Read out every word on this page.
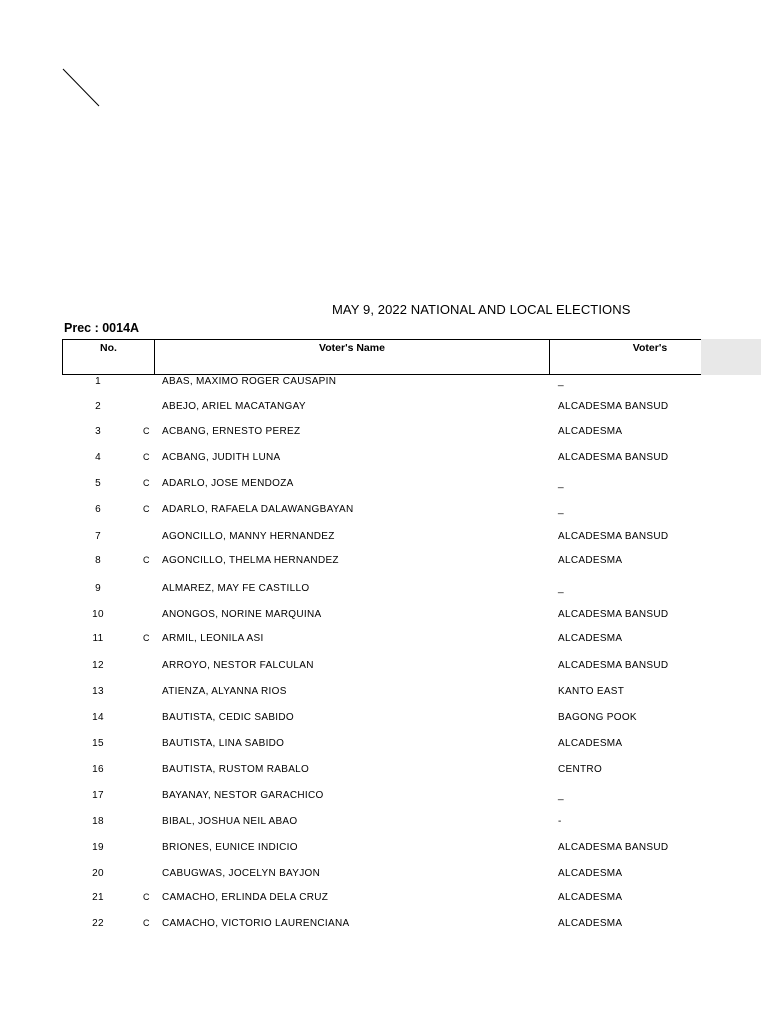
MAY 9, 2022 NATIONAL AND LOCAL ELECTIONS
Prec : 0014A
No.	Voter's Name	Voter's
1	ABAS, MAXIMO ROGER CAUSAPIN	_
2	ABEJO, ARIEL MACATANGAY	ALCADESMA BANSUD
3	C ACBANG, ERNESTO PEREZ	ALCADESMA
4	C ACBANG, JUDITH LUNA	ALCADESMA BANSUD
5	C ADARLO, JOSE MENDOZA	_
6	C ADARLO, RAFAELA DALAWANGBAYAN	_
7	AGONCILLO, MANNY HERNANDEZ	ALCADESMA BANSUD
8	C AGONCILLO, THELMA HERNANDEZ	ALCADESMA
9	ALMAREZ, MAY FE CASTILLO	_
10	ANONGOS, NORINE MARQUINA	ALCADESMA BANSUD
11	C ARMIL, LEONILA ASI	ALCADESMA
12	ARROYO, NESTOR FALCULAN	ALCADESMA BANSUD
13	ATIENZA, ALYANNA RIOS	KANTO EAST
14	BAUTISTA, CEDIC SABIDO	BAGONG POOK
15	BAUTISTA, LINA SABIDO	ALCADESMA
16	BAUTISTA, RUSTOM RABALO	CENTRO
17	BAYANAY, NESTOR GARACHICO	_
18	BIBAL, JOSHUA NEIL ABAO	-
19	BRIONES, EUNICE INDICIO	ALCADESMA BANSUD
20	CABUGWAS, JOCELYN BAYJON	ALCADESMA
21	C CAMACHO, ERLINDA DELA CRUZ	ALCADESMA
22	C CAMACHO, VICTORIO LAURENCIANA	ALCADESMA
